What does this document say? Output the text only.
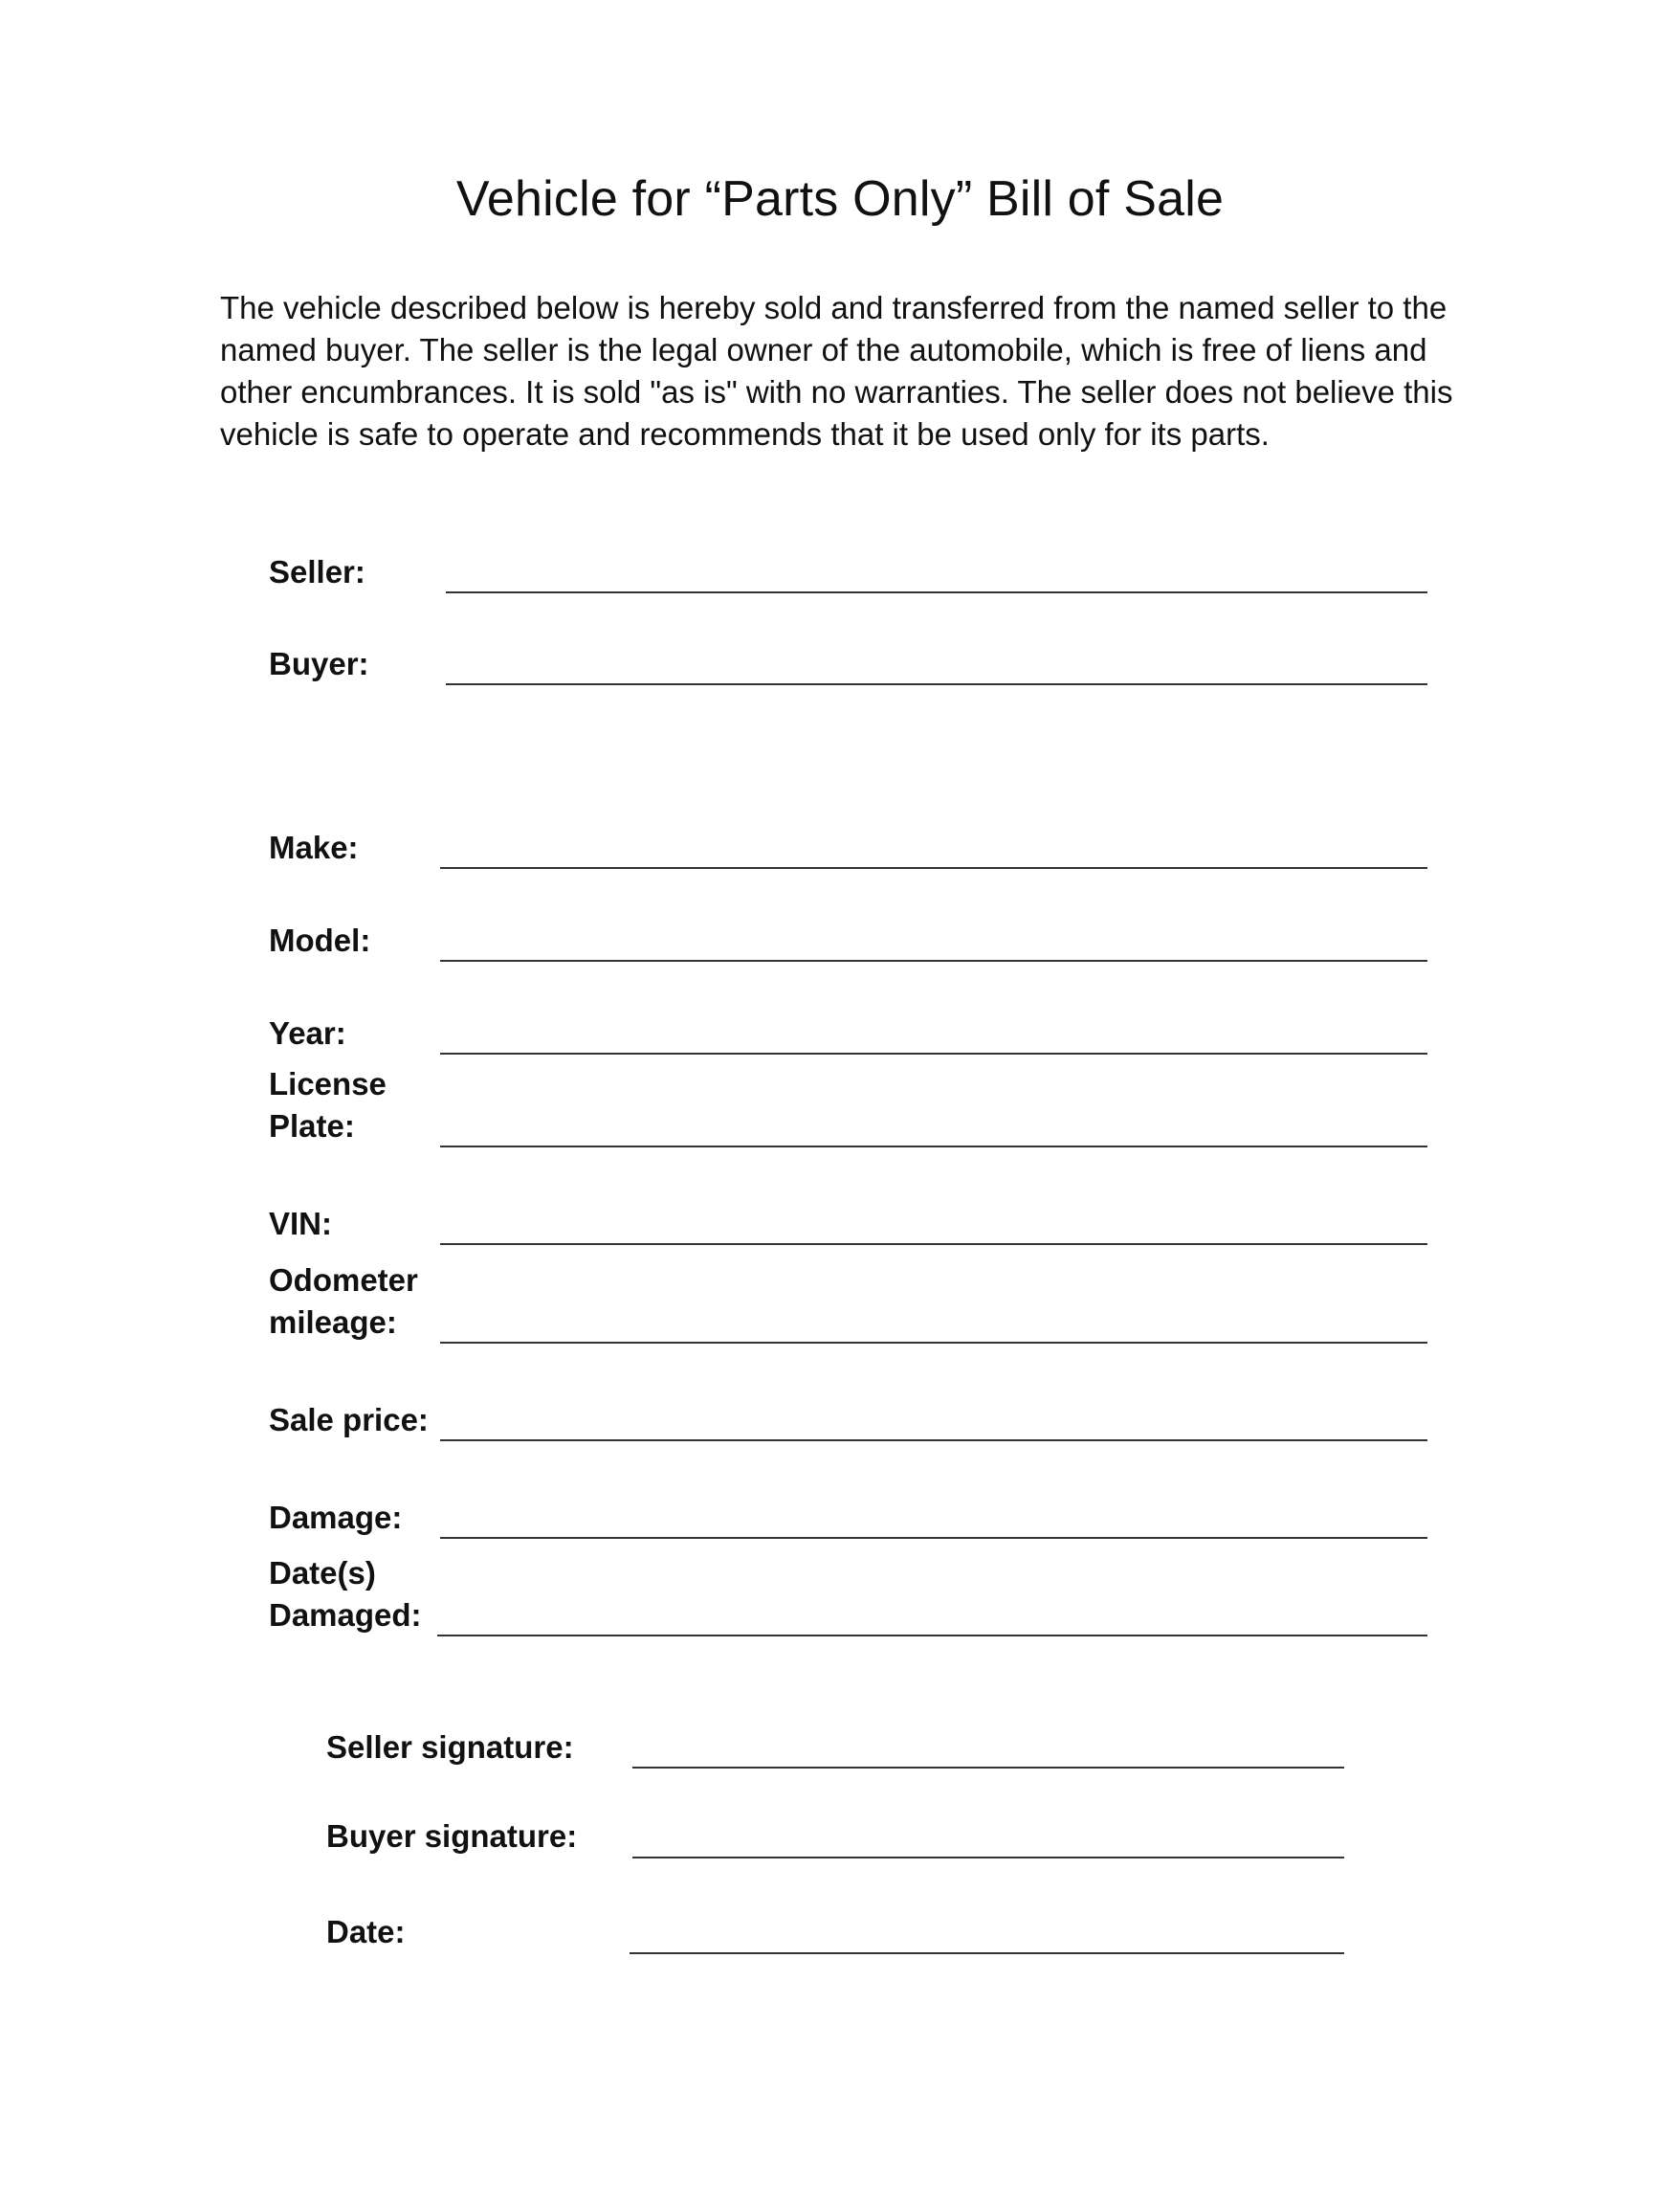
Vehicle for “Parts Only” Bill of Sale

The vehicle described below is hereby sold and transferred from the named seller to the named buyer. The seller is the legal owner of the automobile, which is free of liens and other encumbrances. It is sold "as is" with no warranties. The seller does not believe this vehicle is safe to operate and recommends that it be used only for its parts.

Seller:
Buyer:
Make:
Model:
Year:
License
Plate:
VIN:
Odometer
mileage:
Sale price:
Damage:
Date(s)
Damaged:
Seller signature:
Buyer signature:
Date:
